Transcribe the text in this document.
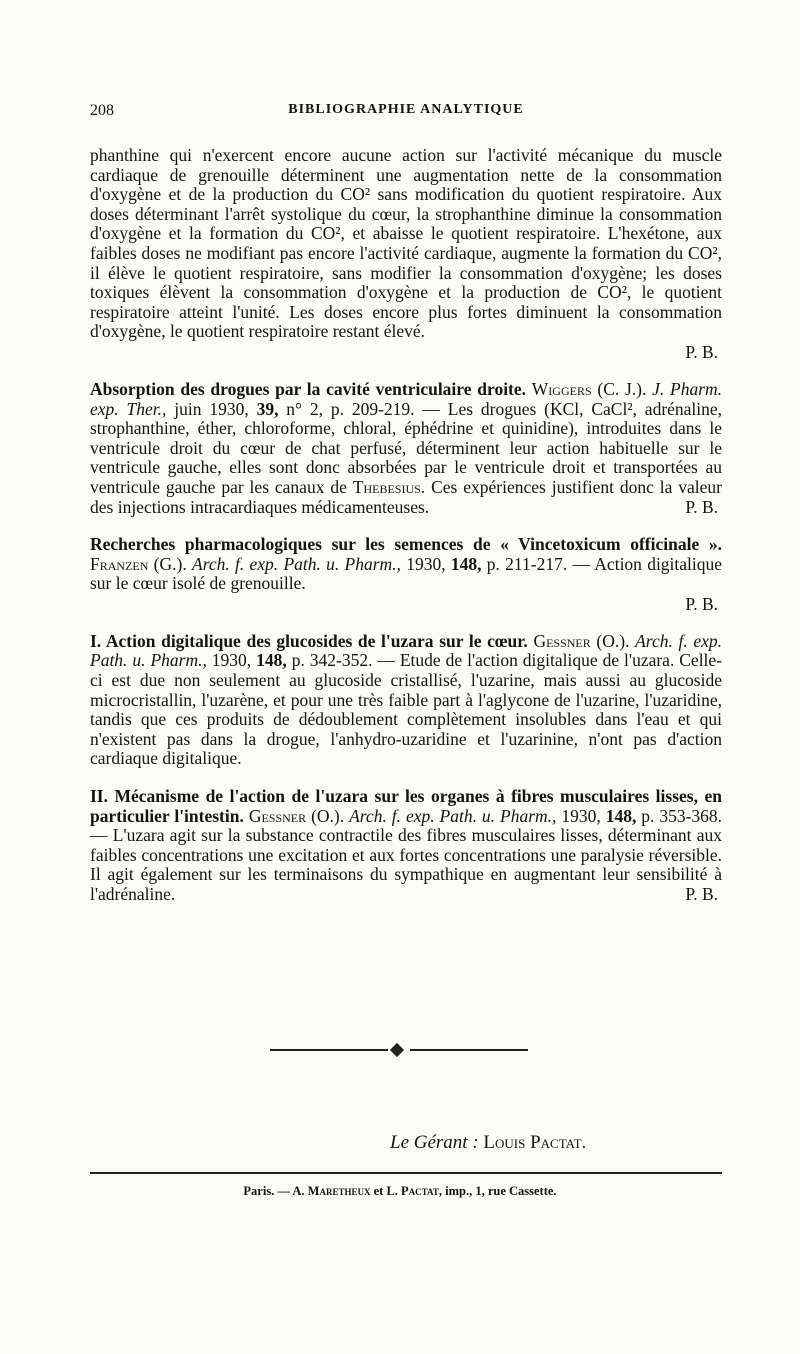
208	BIBLIOGRAPHIE ANALYTIQUE

phanthine qui n'exercent encore aucune action sur l'activité mécanique du muscle cardiaque de grenouille déterminent une augmentation nette de la consommation d'oxygène et de la production du CO² sans modification du quotient respiratoire. Aux doses déterminant l'arrêt systolique du cœur, la strophanthine diminue la consommation d'oxygène et la formation du CO², et abaisse le quotient respiratoire. L'hexétone, aux faibles doses ne modifiant pas encore l'activité cardiaque, augmente la formation du CO², il élève le quotient respiratoire, sans modifier la consommation d'oxygène; les doses toxiques élèvent la consommation d'oxygène et la production de CO², le quotient respiratoire atteint l'unité. Les doses encore plus fortes diminuent la consommation d'oxygène, le quotient respiratoire restant élevé.

P. B.

Absorption des drogues par la cavité ventriculaire droite. Wiggers (C. J.). J. Pharm. exp. Ther., juin 1930, 39, n° 2, p. 209-219. — Les drogues (KCl, CaCl², adrénaline, strophanthine, éther, chloroforme, chloral, éphédrine et quinidine), introduites dans le ventricule droit du cœur de chat perfusé, déterminent leur action habituelle sur le ventricule gauche, elles sont donc absorbées par le ventricule droit et transportées au ventricule gauche par les canaux de Thebesius. Ces expériences justifient donc la valeur des injections intracardiaques médicamenteuses.	P. B.

Recherches pharmacologiques sur les semences de « Vincetoxicum officinale ». Franzen (G.). Arch. f. exp. Path. u. Pharm., 1930, 148, p. 211-217. — Action digitalique sur le cœur isolé de grenouille.

P. B.

I. Action digitalique des glucosides de l'uzara sur le cœur. Gessner (O.). Arch. f. exp. Path. u. Pharm., 1930, 148, p. 342-352. — Etude de l'action digitalique de l'uzara. Celle-ci est due non seulement au glucoside cristallisé, l'uzarine, mais aussi au glucoside microcristallin, l'uzarène, et pour une très faible part à l'aglycone de l'uzarine, l'uzaridine, tandis que ces produits de dédoublement complètement insolubles dans l'eau et qui n'existent pas dans la drogue, l'anhydro-uzaridine et l'uzarinine, n'ont pas d'action cardiaque digitalique.

II. Mécanisme de l'action de l'uzara sur les organes à fibres musculaires lisses, en particulier l'intestin. Gessner (O.). Arch. f. exp. Path. u. Pharm., 1930, 148, p. 353-368. — L'uzara agit sur la substance contractile des fibres musculaires lisses, déterminant aux faibles concentrations une excitation et aux fortes concentrations une paralysie réversible. Il agit également sur les terminaisons du sympathique en augmentant leur sensibilité à l'adrénaline.	P. B.

Le Gérant : Louis Pactat.
Paris. — A. Maretheux et L. Pactat, imp., 1, rue Cassette.
